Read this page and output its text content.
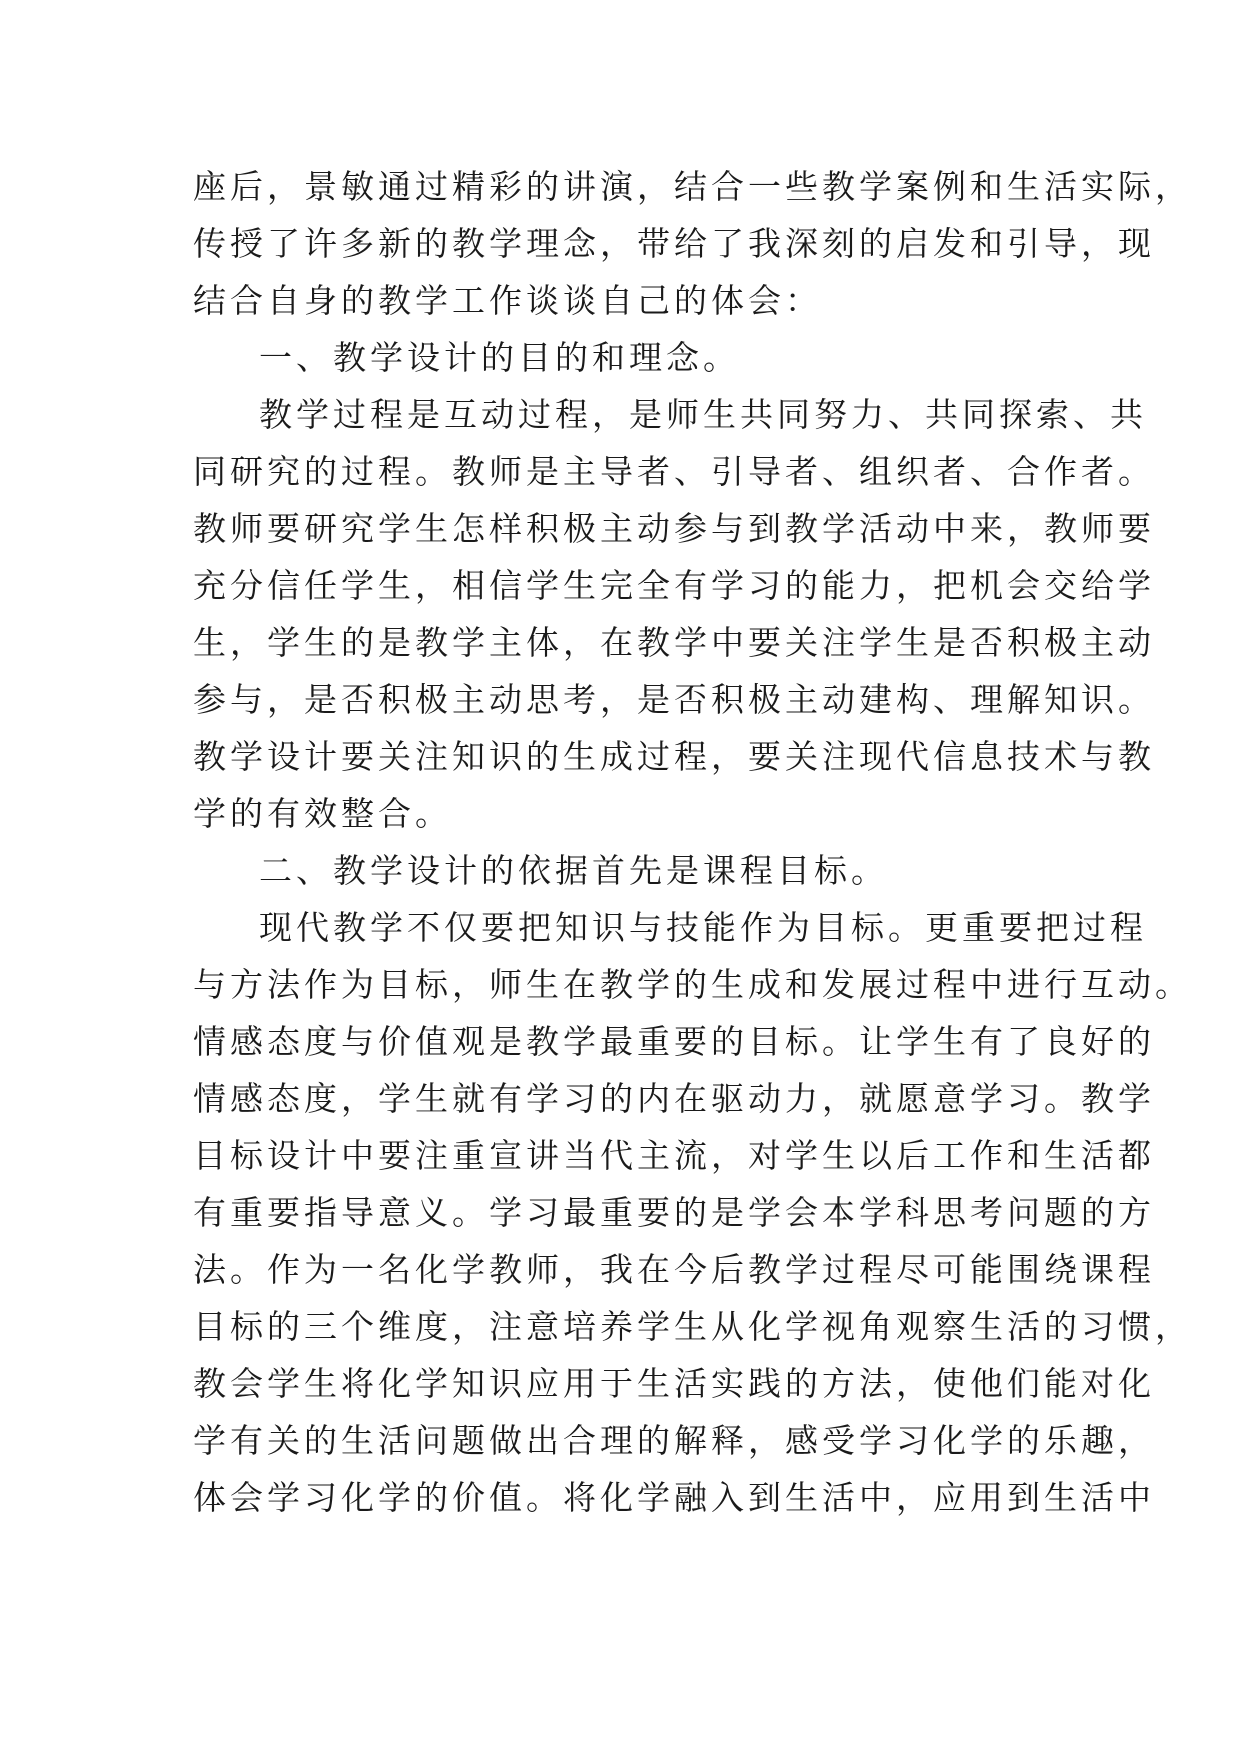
座后，景敏通过精彩的讲演，结合一些教学案例和生活实际，
传授了许多新的教学理念，带给了我深刻的启发和引导，现
结合自身的教学工作谈谈自己的体会：
一、教学设计的目的和理念。
教学过程是互动过程，是师生共同努力、共同探索、共
同研究的过程。教师是主导者、引导者、组织者、合作者。
教师要研究学生怎样积极主动参与到教学活动中来，教师要
充分信任学生，相信学生完全有学习的能力，把机会交给学
生，学生的是教学主体，在教学中要关注学生是否积极主动
参与，是否积极主动思考，是否积极主动建构、理解知识。
教学设计要关注知识的生成过程，要关注现代信息技术与教
学的有效整合。
二、教学设计的依据首先是课程目标。
现代教学不仅要把知识与技能作为目标。更重要把过程
与方法作为目标，师生在教学的生成和发展过程中进行互动。
情感态度与价值观是教学最重要的目标。让学生有了良好的
情感态度，学生就有学习的内在驱动力，就愿意学习。教学
目标设计中要注重宣讲当代主流，对学生以后工作和生活都
有重要指导意义。学习最重要的是学会本学科思考问题的方
法。作为一名化学教师，我在今后教学过程尽可能围绕课程
目标的三个维度，注意培养学生从化学视角观察生活的习惯，
教会学生将化学知识应用于生活实践的方法，使他们能对化
学有关的生活问题做出合理的解释，感受学习化学的乐趣，
体会学习化学的价值。将化学融入到生活中，应用到生活中
